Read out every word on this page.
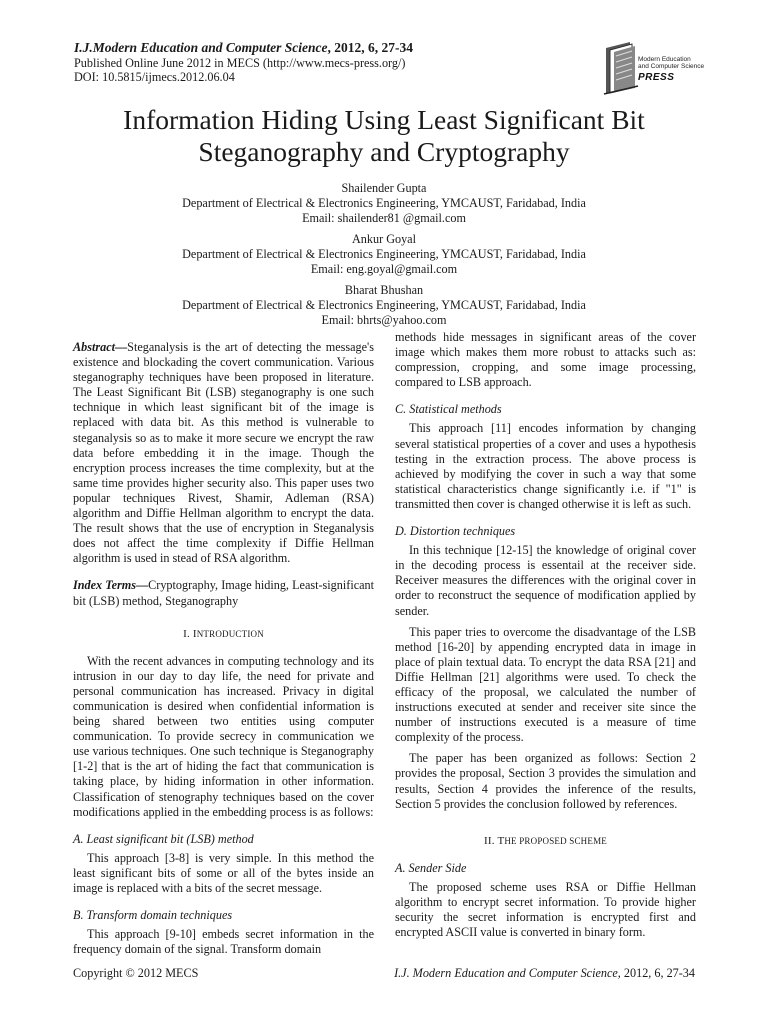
I.J.Modern Education and Computer Science, 2012, 6, 27-34
Published Online June 2012 in MECS (http://www.mecs-press.org/)
DOI: 10.5815/ijmecs.2012.06.04
Modern Education
and Computer Science
PRESS
Information Hiding Using Least Significant Bit
Steganography and Cryptography
Shailender Gupta
Department of Electrical & Electronics Engineering, YMCAUST, Faridabad, India
Email: shailender81 @gmail.com
Ankur Goyal
Department of Electrical & Electronics Engineering, YMCAUST, Faridabad, India
Email: eng.goyal@gmail.com
Bharat Bhushan
Department of Electrical & Electronics Engineering, YMCAUST, Faridabad, India
Email: bhrts@yahoo.com

Abstract—Steganalysis is the art of detecting the message's existence and blockading the covert communication. Various steganography techniques have been proposed in literature. The Least Significant Bit (LSB) steganography is one such technique in which least significant bit of the image is replaced with data bit. As this method is vulnerable to steganalysis so as to make it more secure we encrypt the raw data before embedding it in the image. Though the encryption process increases the time complexity, but at the same time provides higher security also. This paper uses two popular techniques Rivest, Shamir, Adleman (RSA) algorithm and Diffie Hellman algorithm to encrypt the data. The result shows that the use of encryption in Steganalysis does not affect the time complexity if Diffie Hellman algorithm is used in stead of RSA algorithm.

Index Terms—Cryptography, Image hiding, Least-significant bit (LSB) method, Steganography

I. INTRODUCTION

With the recent advances in computing technology and its intrusion in our day to day life, the need for private and personal communication has increased. Privacy in digital communication is desired when confidential information is being shared between two entities using computer communication. To provide secrecy in communication we use various techniques. One such technique is Steganography [1-2] that is the art of hiding the fact that communication is taking place, by hiding information in other information. Classification of stenography techniques based on the cover modifications applied in the embedding process is as follows:

A. Least significant bit (LSB) method

This approach [3-8] is very simple. In this method the least significant bits of some or all of the bytes inside an image is replaced with a bits of the secret message.

B. Transform domain techniques

This approach [9-10] embeds secret information in the frequency domain of the signal. Transform domain

methods hide messages in significant areas of the cover image which makes them more robust to attacks such as: compression, cropping, and some image processing, compared to LSB approach.

C. Statistical methods

This approach [11] encodes information by changing several statistical properties of a cover and uses a hypothesis testing in the extraction process. The above process is achieved by modifying the cover in such a way that some statistical characteristics change significantly i.e. if "1" is transmitted then cover is changed otherwise it is left as such.

D. Distortion techniques

In this technique [12-15] the knowledge of original cover in the decoding process is essentail at the receiver side. Receiver measures the differences with the original cover in order to reconstruct the sequence of modification applied by sender.

This paper tries to overcome the disadvantage of the LSB method [16-20] by appending encrypted data in image in place of plain textual data. To encrypt the data RSA [21] and Diffie Hellman [21] algorithms were used. To check the efficacy of the proposal, we calculated the number of instructions executed at sender and receiver site since the number of instructions executed is a measure of time complexity of the process.

The paper has been organized as follows: Section 2 provides the proposal, Section 3 provides the simulation and results, Section 4 provides the inference of the results, Section 5 provides the conclusion followed by references.

II. THE PROPOSED SCHEME
A. Sender Side

The proposed scheme uses RSA or Diffie Hellman algorithm to encrypt secret information. To provide higher security the secret information is encrypted first and encrypted ASCII value is converted in binary form.

Copyright © 2012 MECS	I.J. Modern Education and Computer Science, 2012, 6, 27-34
